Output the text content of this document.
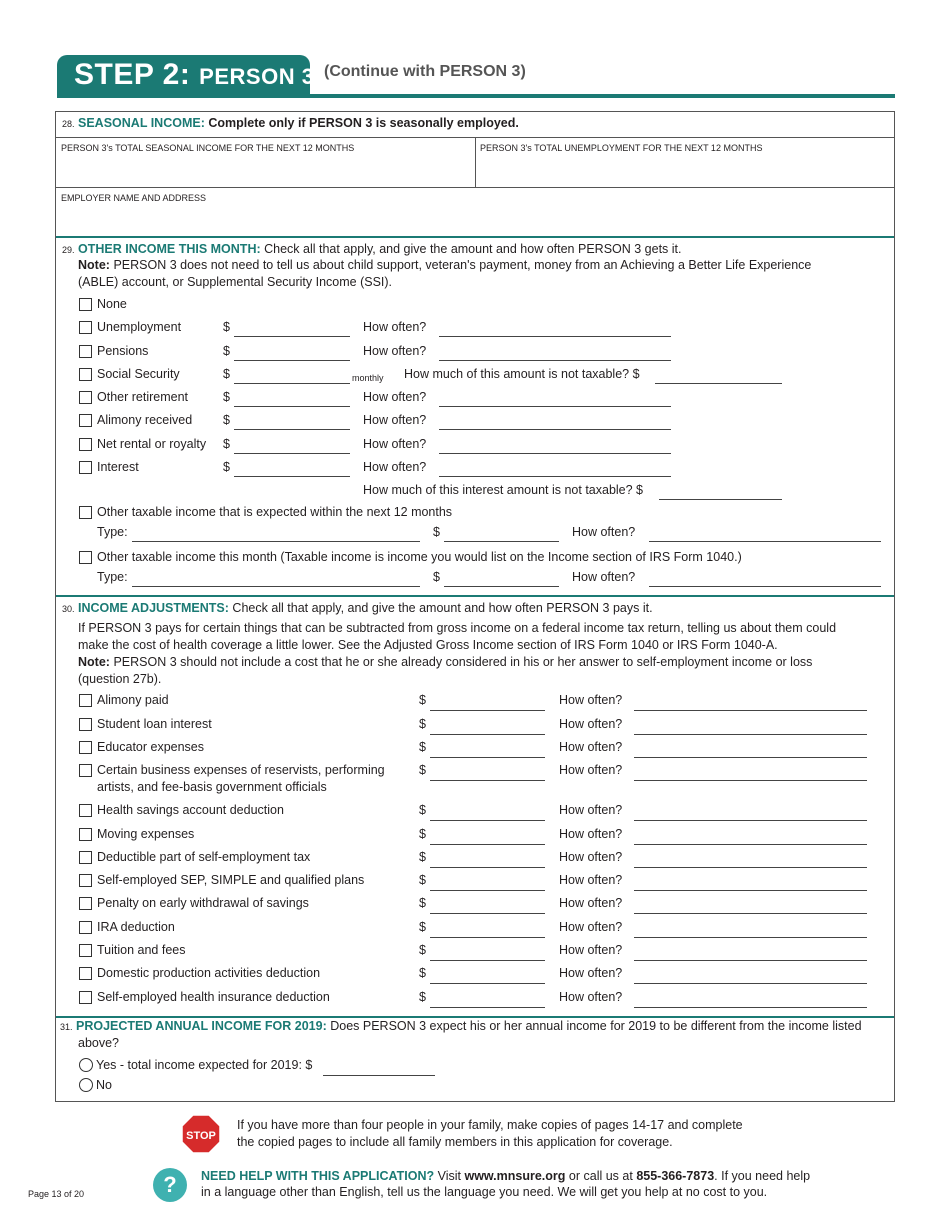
STEP 2: PERSON 3 (Continue with PERSON 3)
28. SEASONAL INCOME: Complete only if PERSON 3 is seasonally employed.
PERSON 3's TOTAL SEASONAL INCOME FOR THE NEXT 12 MONTHS	PERSON 3's TOTAL UNEMPLOYMENT FOR THE NEXT 12 MONTHS
EMPLOYER NAME AND ADDRESS
29. OTHER INCOME THIS MONTH: Check all that apply, and give the amount and how often PERSON 3 gets it.
Note: PERSON 3 does not need to tell us about child support, veteran's payment, money from an Achieving a Better Life Experience
(ABLE) account, or Supplemental Security Income (SSI).
None
Unemployment	$	How often?
Pensions	$	How often?
Social Security	$	monthly How much of this amount is not taxable? $
Other retirement	$	How often?
Alimony received $	How often?
Net rental or royalty $	How often?
Interest	$	How often?
How much of this interest amount is not taxable? $
Other taxable income that is expected within the next 12 months
Type:	$	How often?
Other taxable income this month (Taxable income is income you would list on the Income section of IRS Form 1040.)
Type:	$	How often?
30. INCOME ADJUSTMENTS: Check all that apply, and give the amount and how often PERSON 3 pays it.
If PERSON 3 pays for certain things that can be subtracted from gross income on a federal income tax return, telling us about them could
make the cost of health coverage a little lower. See the Adjusted Gross Income section of IRS Form 1040 or IRS Form 1040-A.
Note: PERSON 3 should not include a cost that he or she already considered in his or her answer to self-employment income or loss
(question 27b).
Alimony paid	$	How often?
Student loan interest	$	How often?
Educator expenses	$	How often?
Certain business expenses of reservists, performing
artists, and fee-basis government officials
$	How often?
Health savings account deduction	$	How often?
Moving expenses	$	How often?
Deductible part of self-employment tax	$	How often?
Self-employed SEP, SIMPLE and qualified plans	$	How often?
Penalty on early withdrawal of savings	$	How often?
IRA deduction	$	How often?
Tuition and fees	$	How often?
Domestic production activities deduction	$	How often?
Self-employed health insurance deduction	$	How often?
31. PROJECTED ANNUAL INCOME FOR 2019: Does PERSON 3 expect his or her annual income for 2019 to be different from the income listed
above?
Yes - total income expected for 2019: $
No
STOP
If you have more than four people in your family, make copies of pages 14-17 and complete
the copied pages to include all family members in this application for coverage.
?	NEED HELP WITH THIS APPLICATION? Visit www.mnsure.org or call us at 855-366-7873. If you need help
in a language other than English, tell us the language you need. We will get you help at no cost to you.
Page 13 of 20
